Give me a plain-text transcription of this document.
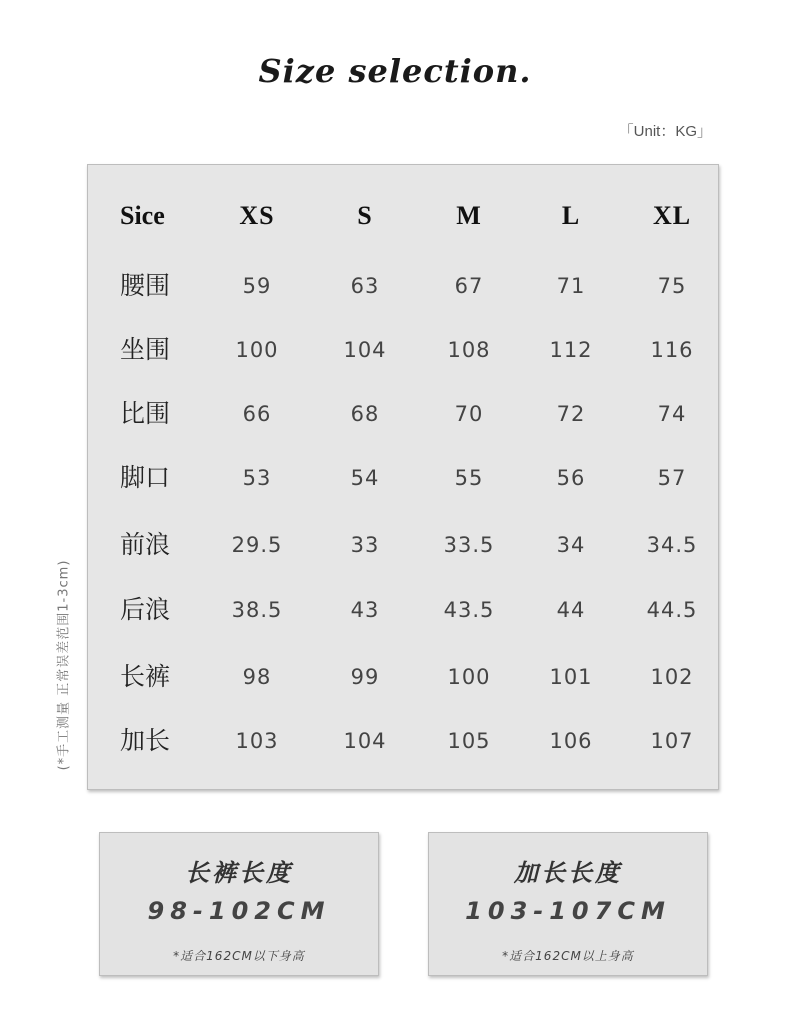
Size selection.
「Unit：KG」
(*手工测量 正常误差范围1-3cm)
Sice	XS	S	M	L	XL
腰围	59	63	67	71	75
坐围	100	104	108	112	116
比围	66	68	70	72	74
脚口	53	54	55	56	57
前浪	29.5	33	33.5	34	34.5
后浪	38.5	43	43.5	44	44.5
长裤	98	99	100	101	102
加长	103	104	105	106	107
长裤长度
98-102CM
*适合162CM以下身高
加长长度
103-107CM
*适合162CM以上身高
